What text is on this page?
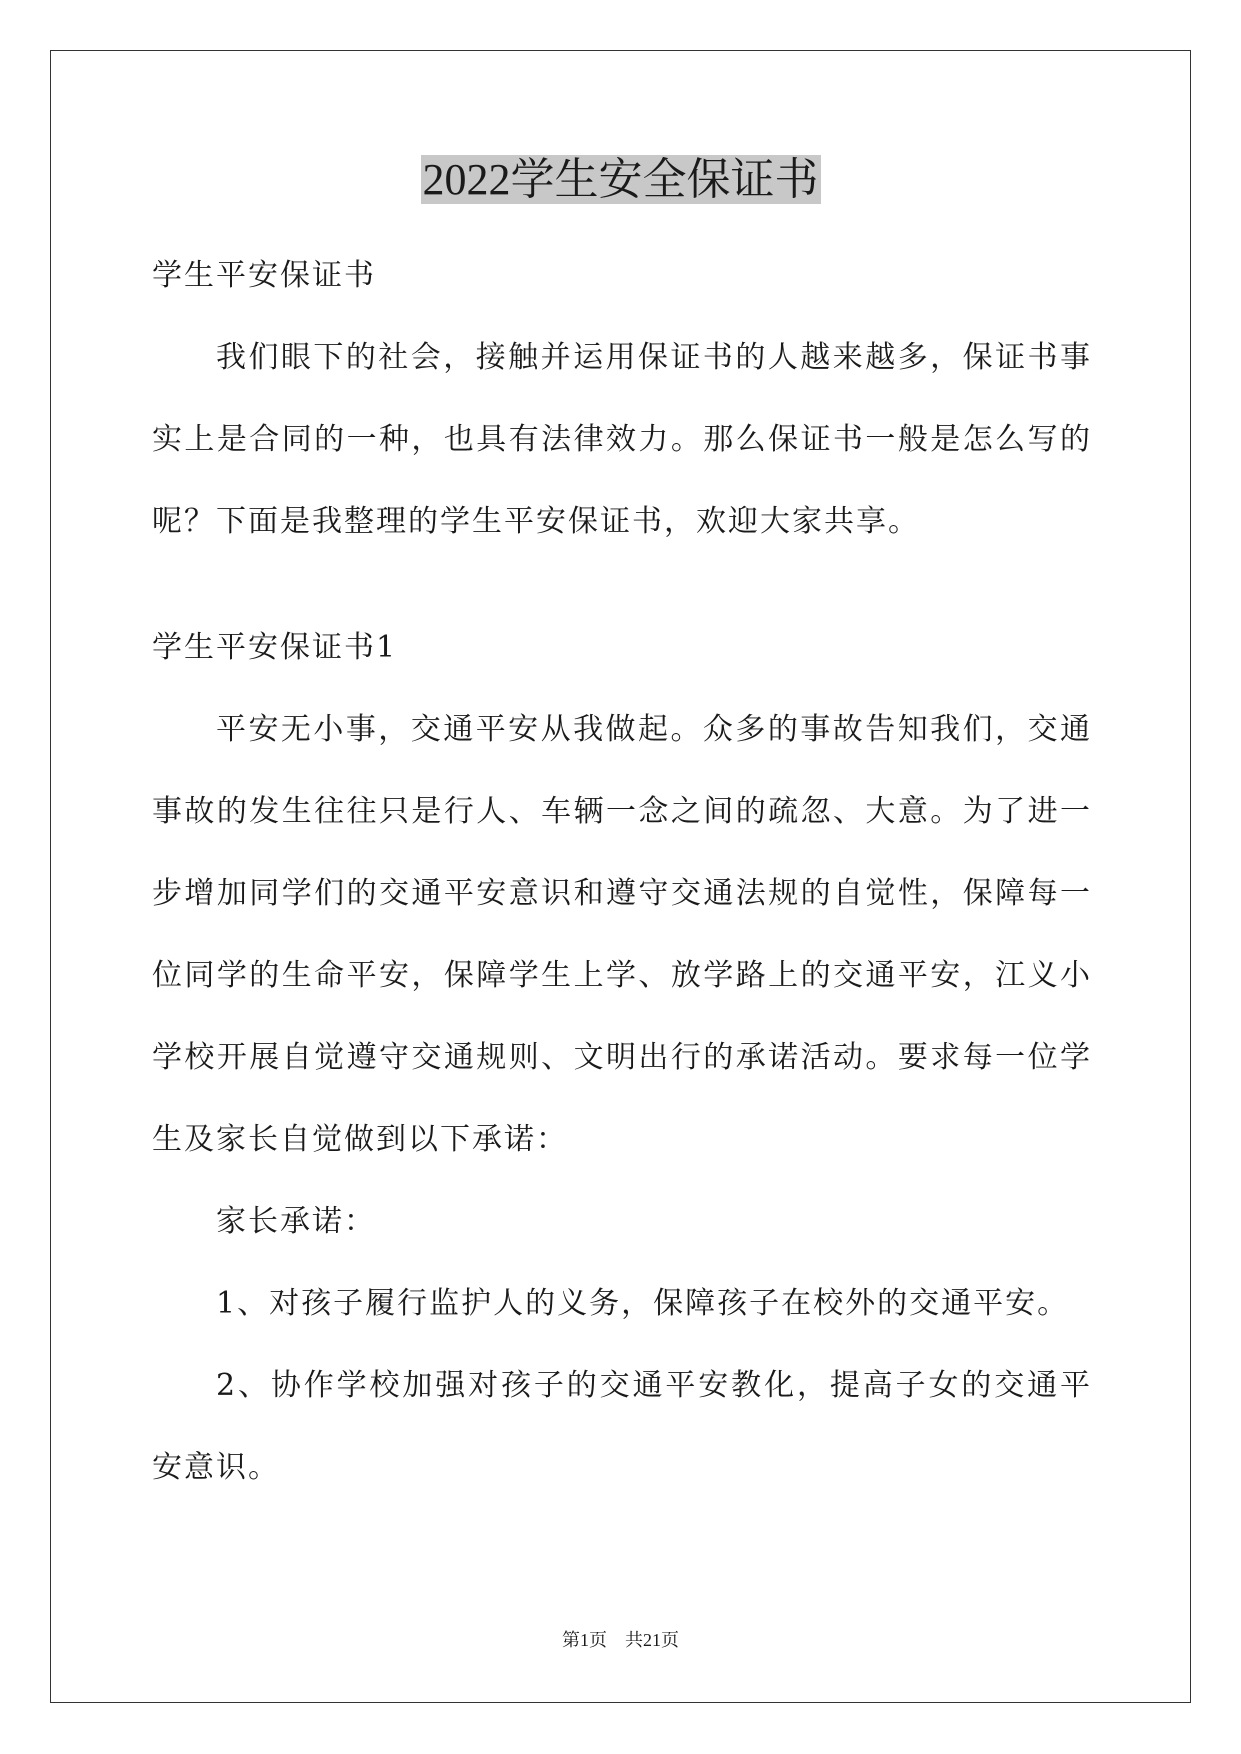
2022学生安全保证书

学生平安保证书

我们眼下的社会，接触并运用保证书的人越来越多，保证书事实上是合同的一种，也具有法律效力。那么保证书一般是怎么写的呢？下面是我整理的学生平安保证书，欢迎大家共享。

学生平安保证书1

平安无小事，交通平安从我做起。众多的事故告知我们，交通事故的发生往往只是行人、车辆一念之间的疏忽、大意。为了进一步增加同学们的交通平安意识和遵守交通法规的自觉性，保障每一位同学的生命平安，保障学生上学、放学路上的交通平安，江义小学校开展自觉遵守交通规则、文明出行的承诺活动。要求每一位学生及家长自觉做到以下承诺：

家长承诺：

1、对孩子履行监护人的义务，保障孩子在校外的交通平安。

2、协作学校加强对孩子的交通平安教化，提高子女的交通平安意识。

第1页 共21页
